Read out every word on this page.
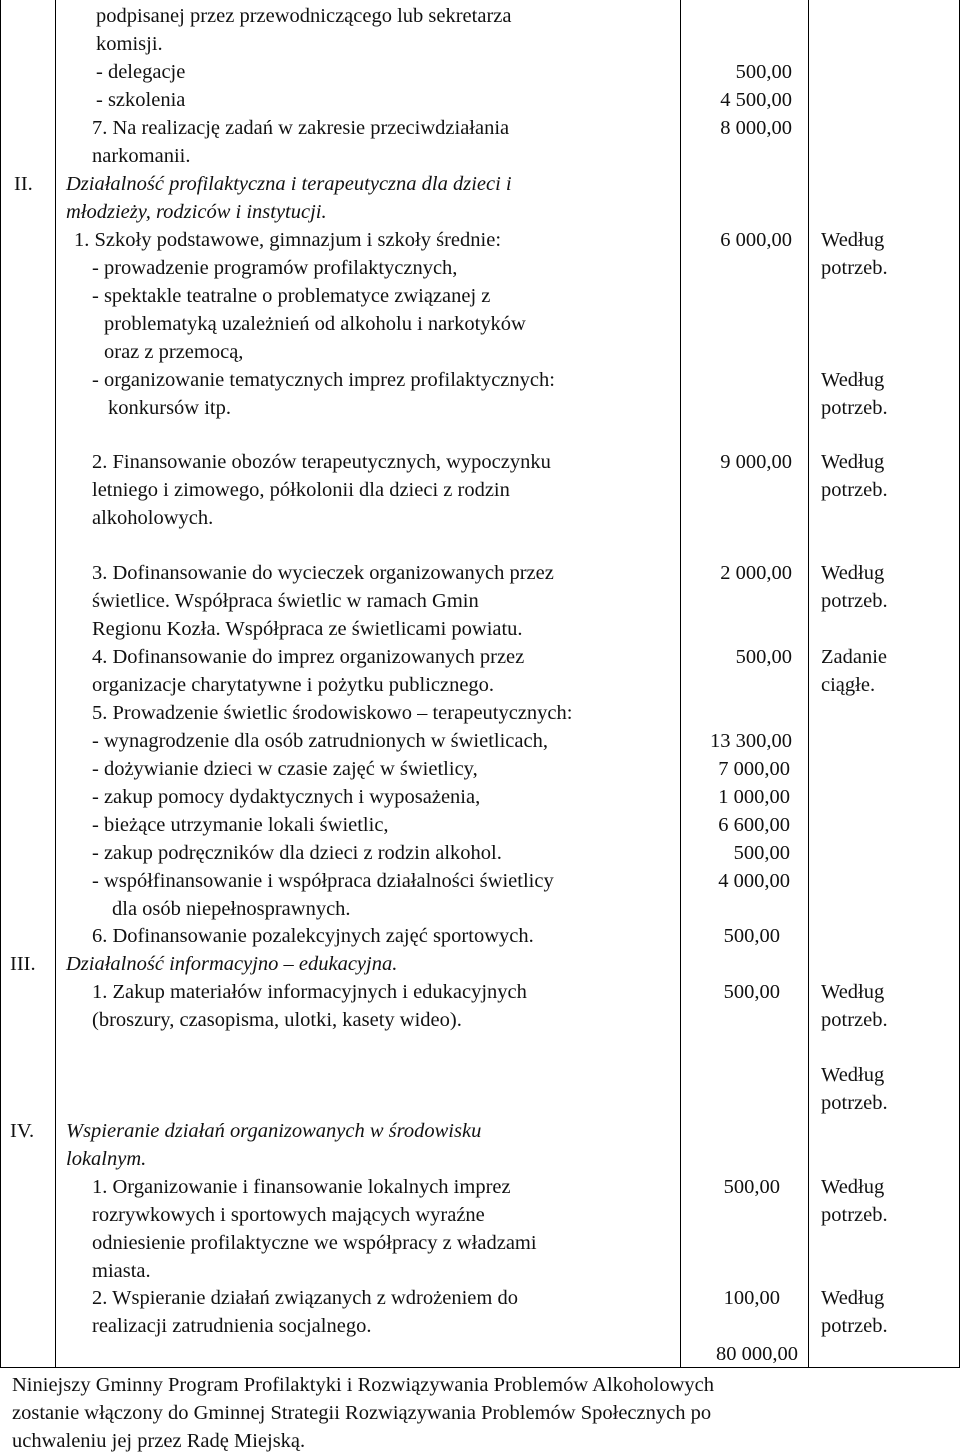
II.
III.
IV.
podpisanej przez przewodniczącego lub sekretarza
komisji.
- delegacje
- szkolenia
7. Na realizację zadań w zakresie przeciwdziałania
narkomanii.
Działalność profilaktyczna i terapeutyczna dla dzieci i
młodzieży, rodziców i instytucji.
1. Szkoły podstawowe, gimnazjum i szkoły średnie:
- prowadzenie programów profilaktycznych,
- spektakle teatralne o problematyce związanej z
problematyką uzależnień od alkoholu i narkotyków
oraz z przemocą,
- organizowanie tematycznych imprez profilaktycznych:
konkursów itp.
2. Finansowanie obozów terapeutycznych, wypoczynku
letniego i zimowego, półkolonii dla dzieci z rodzin
alkoholowych.
3. Dofinansowanie do wycieczek organizowanych przez
świetlice. Współpraca świetlic w ramach Gmin
Regionu Kozła. Współpraca ze świetlicami powiatu.
4. Dofinansowanie do imprez organizowanych przez
organizacje charytatywne i pożytku publicznego.
5. Prowadzenie świetlic środowiskowo – terapeutycznych:
- wynagrodzenie dla osób zatrudnionych w świetlicach,
- dożywianie dzieci w czasie zajęć w świetlicy,
- zakup pomocy dydaktycznych i wyposażenia,
- bieżące utrzymanie lokali świetlic,
- zakup podręczników dla dzieci z rodzin alkohol.
- współfinansowanie i współpraca działalności świetlicy
dla osób niepełnosprawnych.
6. Dofinansowanie pozalekcyjnych zajęć sportowych.
Działalność informacyjno – edukacyjna.
1. Zakup materiałów informacyjnych i edukacyjnych
(broszury, czasopisma, ulotki, kasety wideo).
Wspieranie działań organizowanych w środowisku
lokalnym.
1. Organizowanie i finansowanie lokalnych imprez
rozrywkowych i sportowych mających wyraźne
odniesienie profilaktyczne we współpracy z władzami
miasta.
2. Wspieranie działań związanych z wdrożeniem do
realizacji zatrudnienia socjalnego.
500,00
4 500,00
8 000,00
6 000,00
9 000,00
2 000,00
500,00
13 300,00
7 000,00
1 000,00
6 600,00
500,00
4 000,00
500,00
500,00
500,00
100,00
80 000,00
Według
potrzeb.
Według
potrzeb.
Według
potrzeb.
Według
potrzeb.
Zadanie
ciągłe.
Według
potrzeb.
Według
potrzeb.
Według
potrzeb.
Według
potrzeb.
Niniejszy Gminny Program Profilaktyki i Rozwiązywania Problemów Alkoholowych
zostanie włączony do Gminnej Strategii Rozwiązywania Problemów Społecznych po
uchwaleniu jej przez Radę Miejską.
